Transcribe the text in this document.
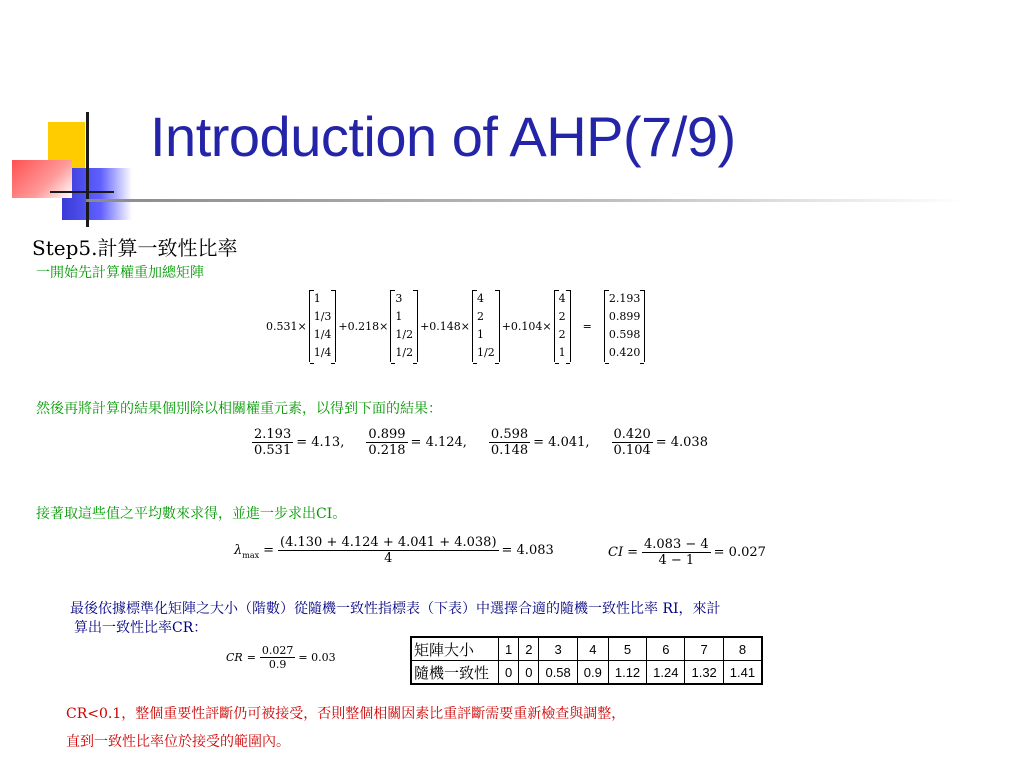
Introduction of AHP(7/9)
Step5.計算一致性比率
一開始先計算權重加總矩陣
0.531×
1
1/3
1/4
1/4
+0.218×
3
1
1/2
1/2
+0.148×
4
2
1
1/2
+0.104×
4
2
2
1
=
2.193
0.899
0.598
0.420
然後再將計算的結果個別除以相關權重元素，以得到下面的結果：
$\frac{2.193}{0.531} = 4.13$, $\frac{0.899}{0.218} = 4.124$, $\frac{0.598}{0.148} = 4.041$, $\frac{0.420}{0.104} = 4.038$
接著取這些值之平均數來求得，並進一步求出CI。
λ $\max = \frac{(4.130 + 4.124 + 4.041 + 4.038)}{4} = 4.083$	CI = $\frac{4.083 - 4}{4 - 1} = 0.027$
最後依據標準化矩陣之大小（階數）從隨機一致性指標表（下表）中選擇合適的隨機一致性比率 RI，來計
算出一致性比率CR：
CR = $\frac{0.027}{0.9} = 0.03$	矩陣大小	1	2	3	4	5	6	7	8
隨機一致性	0	0	0.58	0.9	1.12	1.24	1.32	1.41
CR<0.1，整個重要性評斷仍可被接受，否則整個相關因素比重評斷需要重新檢查與調整，
直到一致性比率位於接受的範圍內。
